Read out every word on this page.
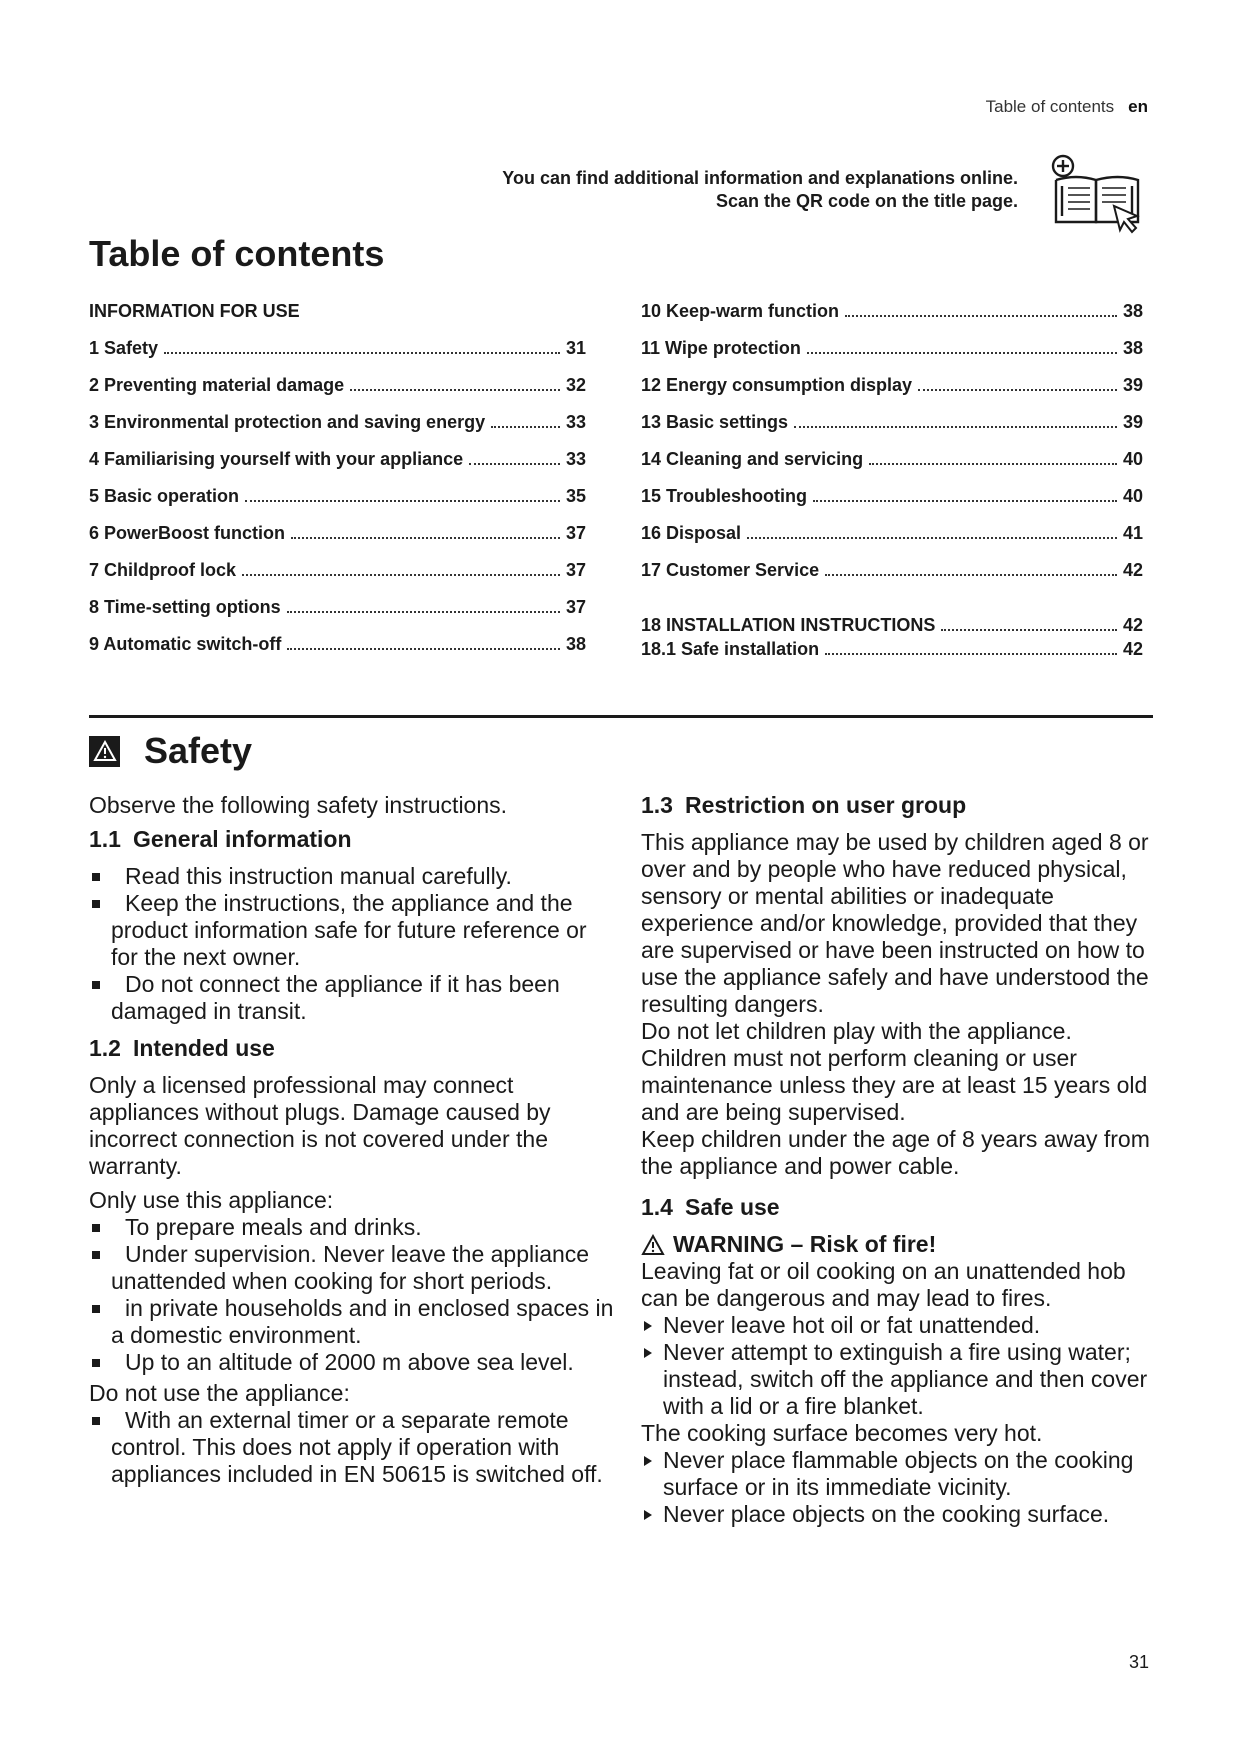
Table of contents en
You can find additional information and explanations online.
Scan the QR code on the title page.
Table of contents
INFORMATION FOR USE
1 Safety	31
2 Preventing material damage	32
3 Environmental protection and saving energy	33
4 Familiarising yourself with your appliance	33
5 Basic operation	35
6 PowerBoost function	37
7 Childproof lock	37
8 Time-setting options	37
9 Automatic switch-off	38
10 Keep-warm function	38
11 Wipe protection	38
12 Energy consumption display	39
13 Basic settings	39
14 Cleaning and servicing	40
15 Troubleshooting	40
16 Disposal	41
17 Customer Service	42
18 INSTALLATION INSTRUCTIONS	42
18.1 Safe installation	42
Safety

Observe the following safety instructions.

1.1 General information
Read this instruction manual carefully.
Keep the instructions, the appliance and the product information safe for future reference or for the next owner.
Do not connect the appliance if it has been damaged in transit.
1.2 Intended use

Only a licensed professional may connect appliances without plugs. Damage caused by incorrect connection is not covered under the warranty.

Only use this appliance:

To prepare meals and drinks.
Under supervision. Never leave the appliance unattended when cooking for short periods.
in private households and in enclosed spaces in a domestic environment.
Up to an altitude of 2000 m above sea level.

Do not use the appliance:

With an external timer or a separate remote control. This does not apply if operation with appliances included in EN 50615 is switched off.
1.3 Restriction on user group

This appliance may be used by children aged 8 or over and by people who have reduced physical, sensory or mental abilities or inadequate experience and/or knowledge, provided that they are supervised or have been instructed on how to use the appliance safely and have understood the resulting dangers.

Do not let children play with the appliance.

Children must not perform cleaning or user maintenance unless they are at least 15 years old and are being supervised.

Keep children under the age of 8 years away from the appliance and power cable.

1.4 Safe use
WARNING – Risk of fire!

Leaving fat or oil cooking on an unattended hob can be dangerous and may lead to fires.

Never leave hot oil or fat unattended.
Never attempt to extinguish a fire using water; instead, switch off the appliance and then cover with a lid or a fire blanket.

The cooking surface becomes very hot.

Never place flammable objects on the cooking surface or in its immediate vicinity.
Never place objects on the cooking surface.
31
